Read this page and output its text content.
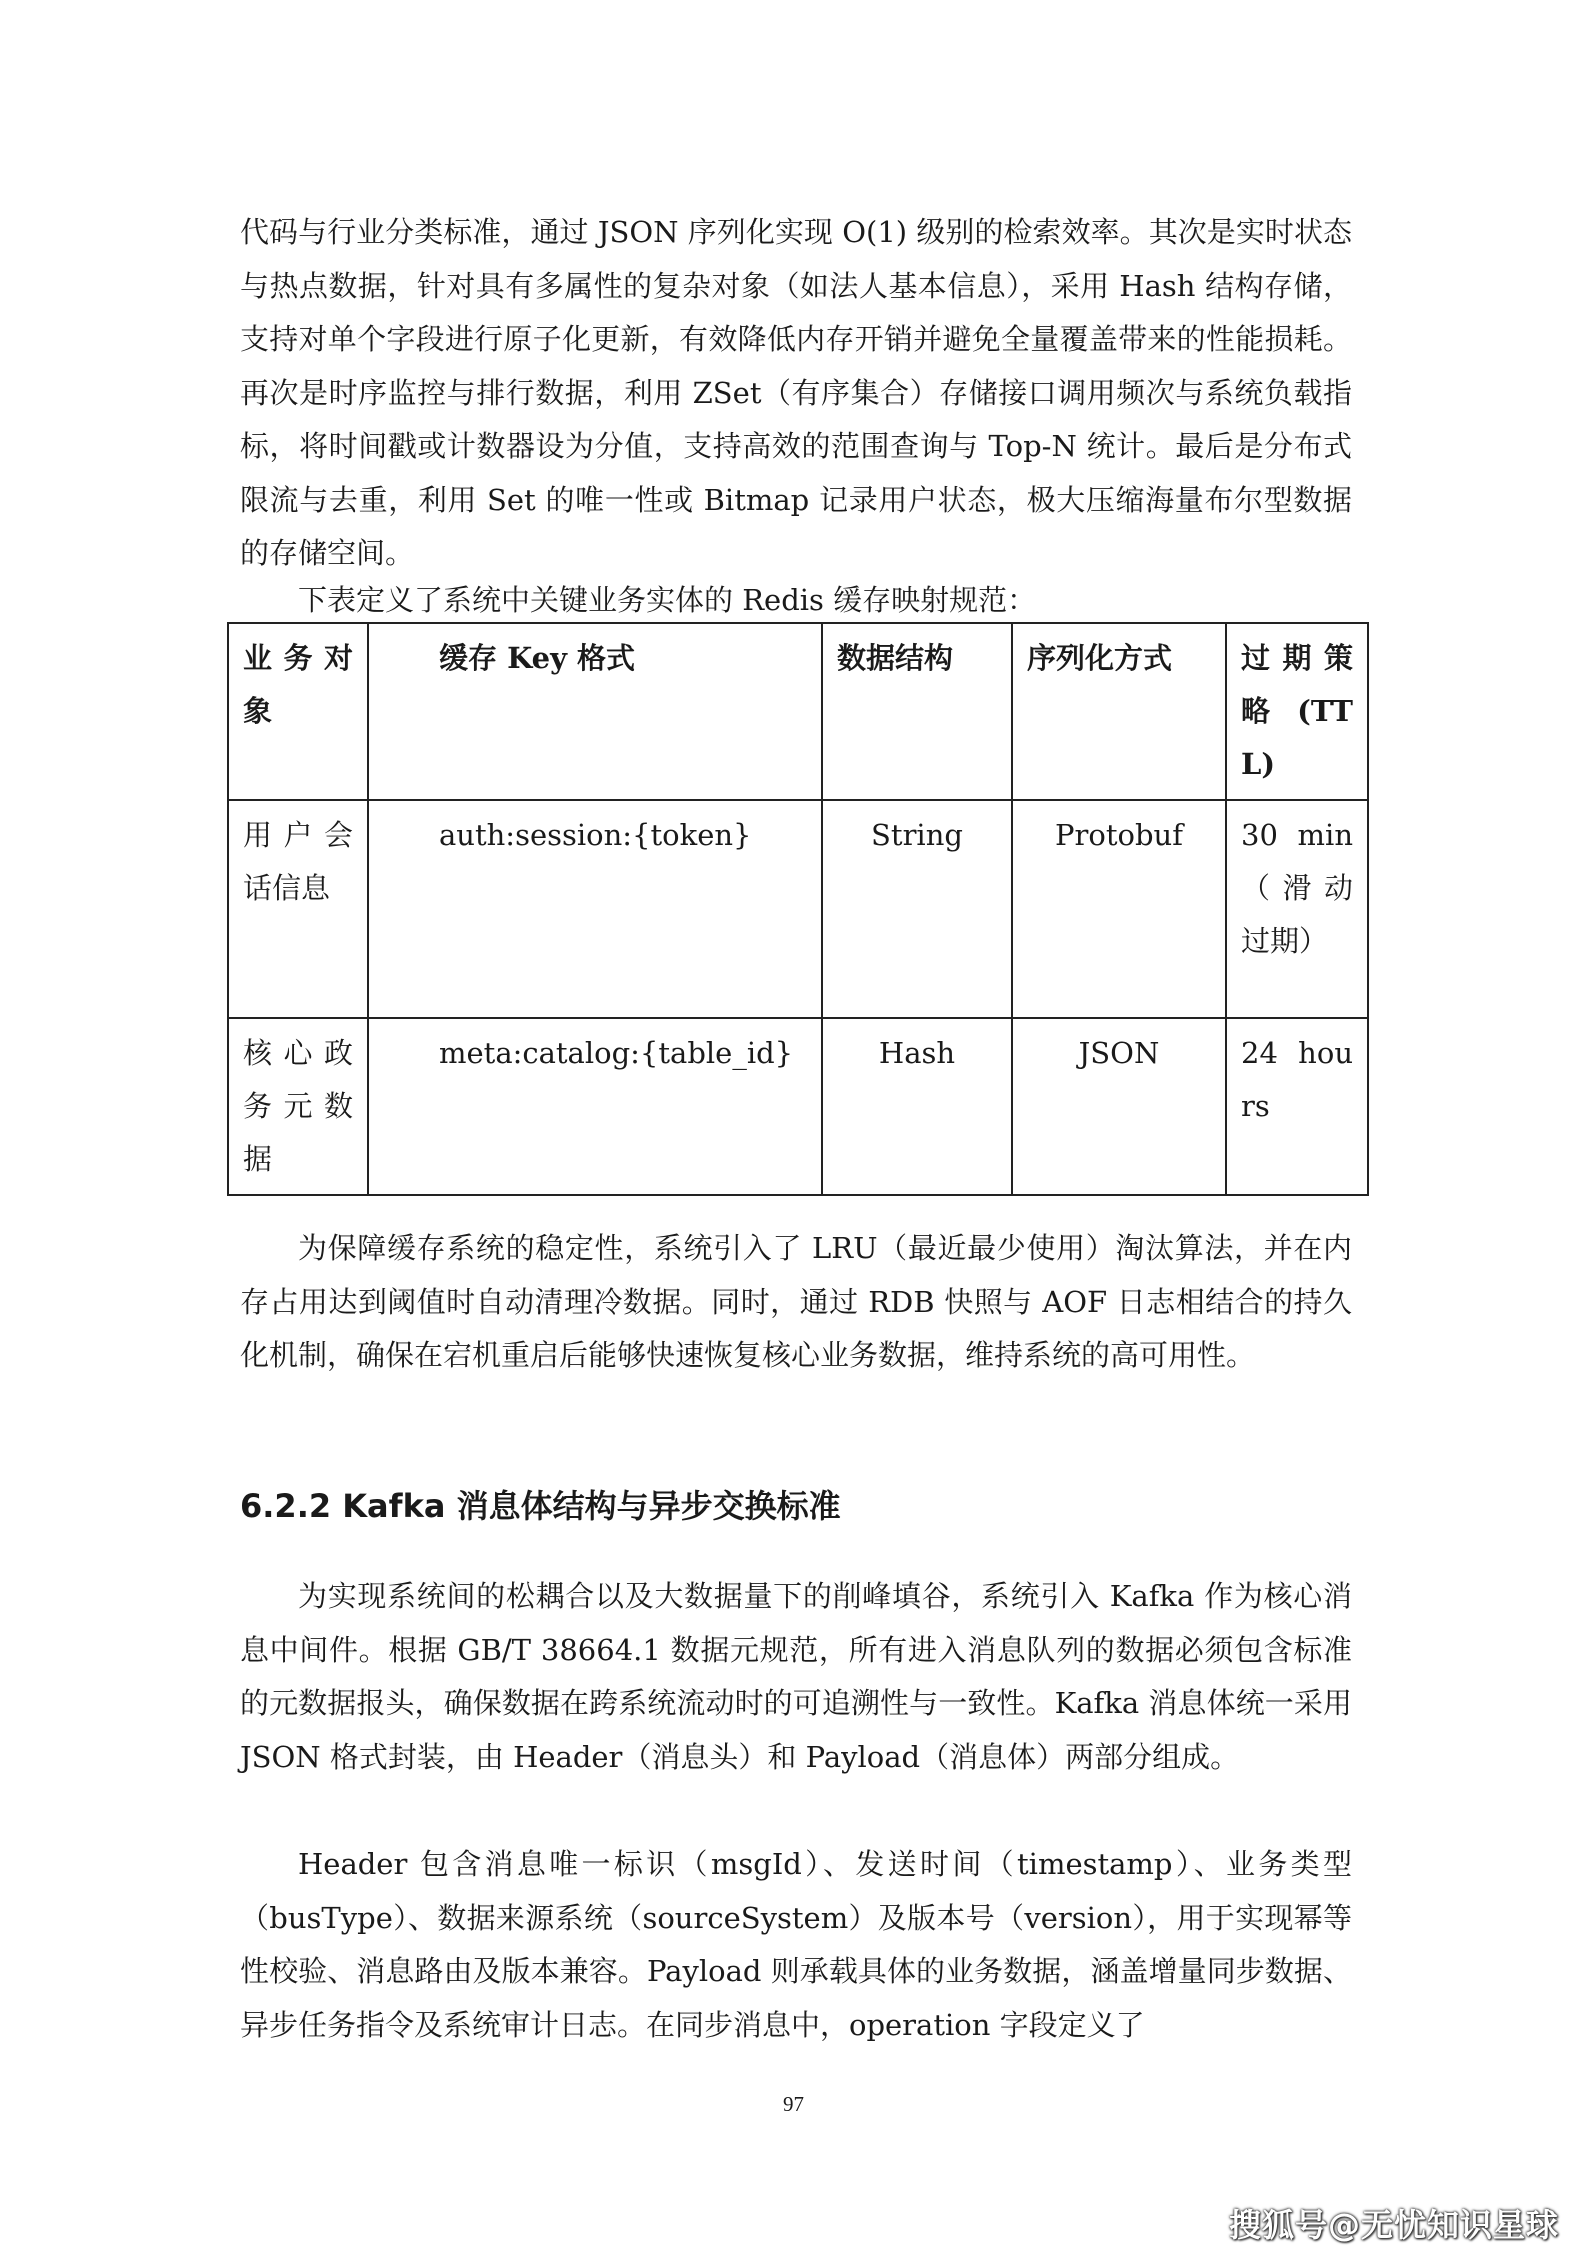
代码与行业分类标准，通过 JSON 序列化实现 O(1) 级别的检索效率。其次是实时状态与热点数据，针对具有多属性的复杂对象（如法人基本信息），采用 Hash 结构存储，支持对单个字段进行原子化更新，有效降低内存开销并避免全量覆盖带来的性能损耗。再次是时序监控与排行数据，利用 ZSet（有序集合）存储接口调用频次与系统负载指标，将时间戳或计数器设为分值，支持高效的范围查询与 Top-N 统计。最后是分布式限流与去重，利用 Set 的唯一性或 Bitmap 记录用户状态，极大压缩海量布尔型数据的存储空间。

下表定义了系统中关键业务实体的 Redis 缓存映射规范：

业务对象	缓存 Key 格式	数据结构	序列化方式	过期策略 (TTL)
用户会话信息	auth:session:{token}	String	Protobuf	30 min（滑动过期）
核心政务元数据	meta:catalog:{table_id}	Hash	JSON	24 hours

为保障缓存系统的稳定性，系统引入了 LRU（最近最少使用）淘汰算法，并在内存占用达到阈值时自动清理冷数据。同时，通过 RDB 快照与 AOF 日志相结合的持久化机制，确保在宕机重启后能够快速恢复核心业务数据，维持系统的高可用性。

6.2.2 Kafka 消息体结构与异步交换标准

为实现系统间的松耦合以及大数据量下的削峰填谷，系统引入 Kafka 作为核心消息中间件。根据 GB/T 38664.1 数据元规范，所有进入消息队列的数据必须包含标准的元数据报头，确保数据在跨系统流动时的可追溯性与一致性。Kafka 消息体统一采用 JSON 格式封装，由 Header（消息头）和 Payload（消息体）两部分组成。

Header 包含消息唯一标识（msgId）、发送时间（timestamp）、业务类型（busType）、数据来源系统（sourceSystem）及版本号（version），用于实现幂等性校验、消息路由及版本兼容。Payload 则承载具体的业务数据，涵盖增量同步数据、异步任务指令及系统审计日志。在同步消息中，operation 字段定义了

97
搜狐号@无忧知识星球
